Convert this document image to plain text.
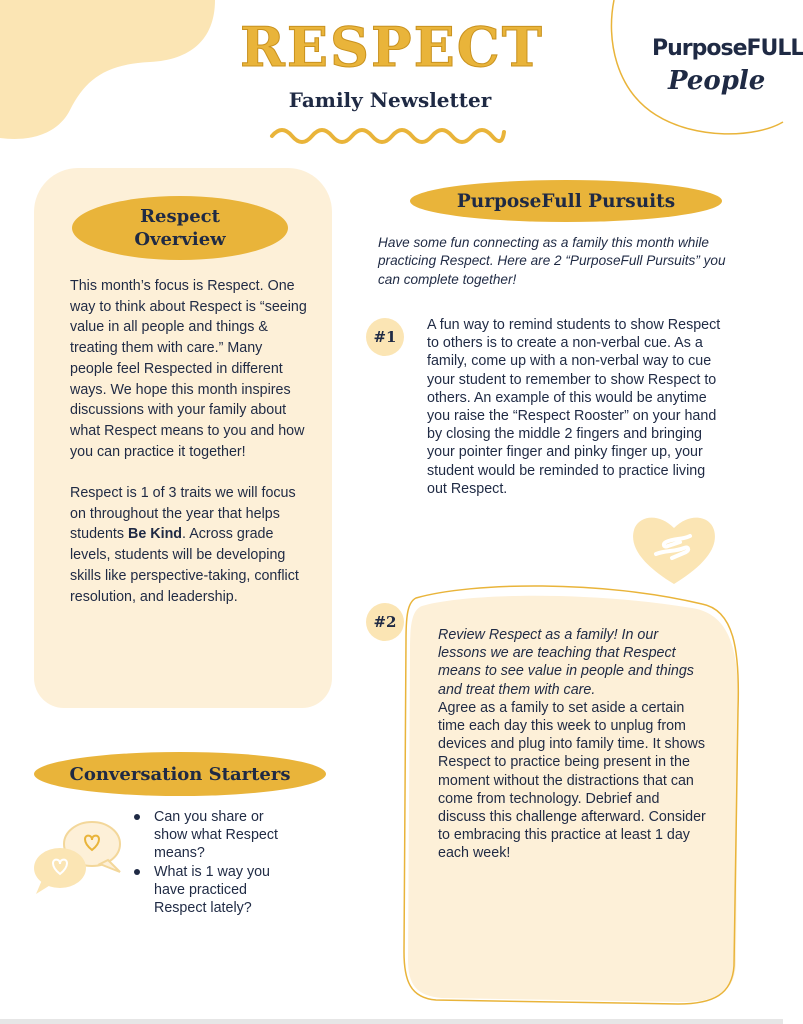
RESPECT
Family Newsletter
PurposeFULL
People
Respect
Overview

This month’s focus is Respect. One way to think about Respect is “seeing value in all people and things & treating them with care.” Many people feel Respected in different ways. We hope this month inspires discussions with your family about what Respect means to you and how you can practice it together!

Respect is 1 of 3 traits we will focus on throughout the year that helps students Be Kind. Across grade levels, students will be developing skills like perspective-taking, conflict resolution, and leadership.

Conversation Starters
Can you share or show what Respect means?
What is 1 way you have practiced Respect lately?
PurposeFull Pursuits
Have some fun connecting as a family this month while practicing Respect. Here are 2 “PurposeFull Pursuits” you can complete together!
#1
A fun way to remind students to show Respect to others is to create a non-verbal cue. As a family, come up with a non-verbal way to cue your student to remember to show Respect to others. An example of this would be anytime you raise the “Respect Rooster” on your hand by closing the middle 2 fingers and bringing your pointer finger and pinky finger up, your student would be reminded to practice living out Respect.
#2
Review Respect as a family! In our lessons we are teaching that Respect means to see value in people and things and treat them with care.
Agree as a family to set aside a certain time each day this week to unplug from devices and plug into family time. It shows Respect to practice being present in the moment without the distractions that can come from technology. Debrief and discuss this challenge afterward. Consider to embracing this practice at least 1 day each week!
